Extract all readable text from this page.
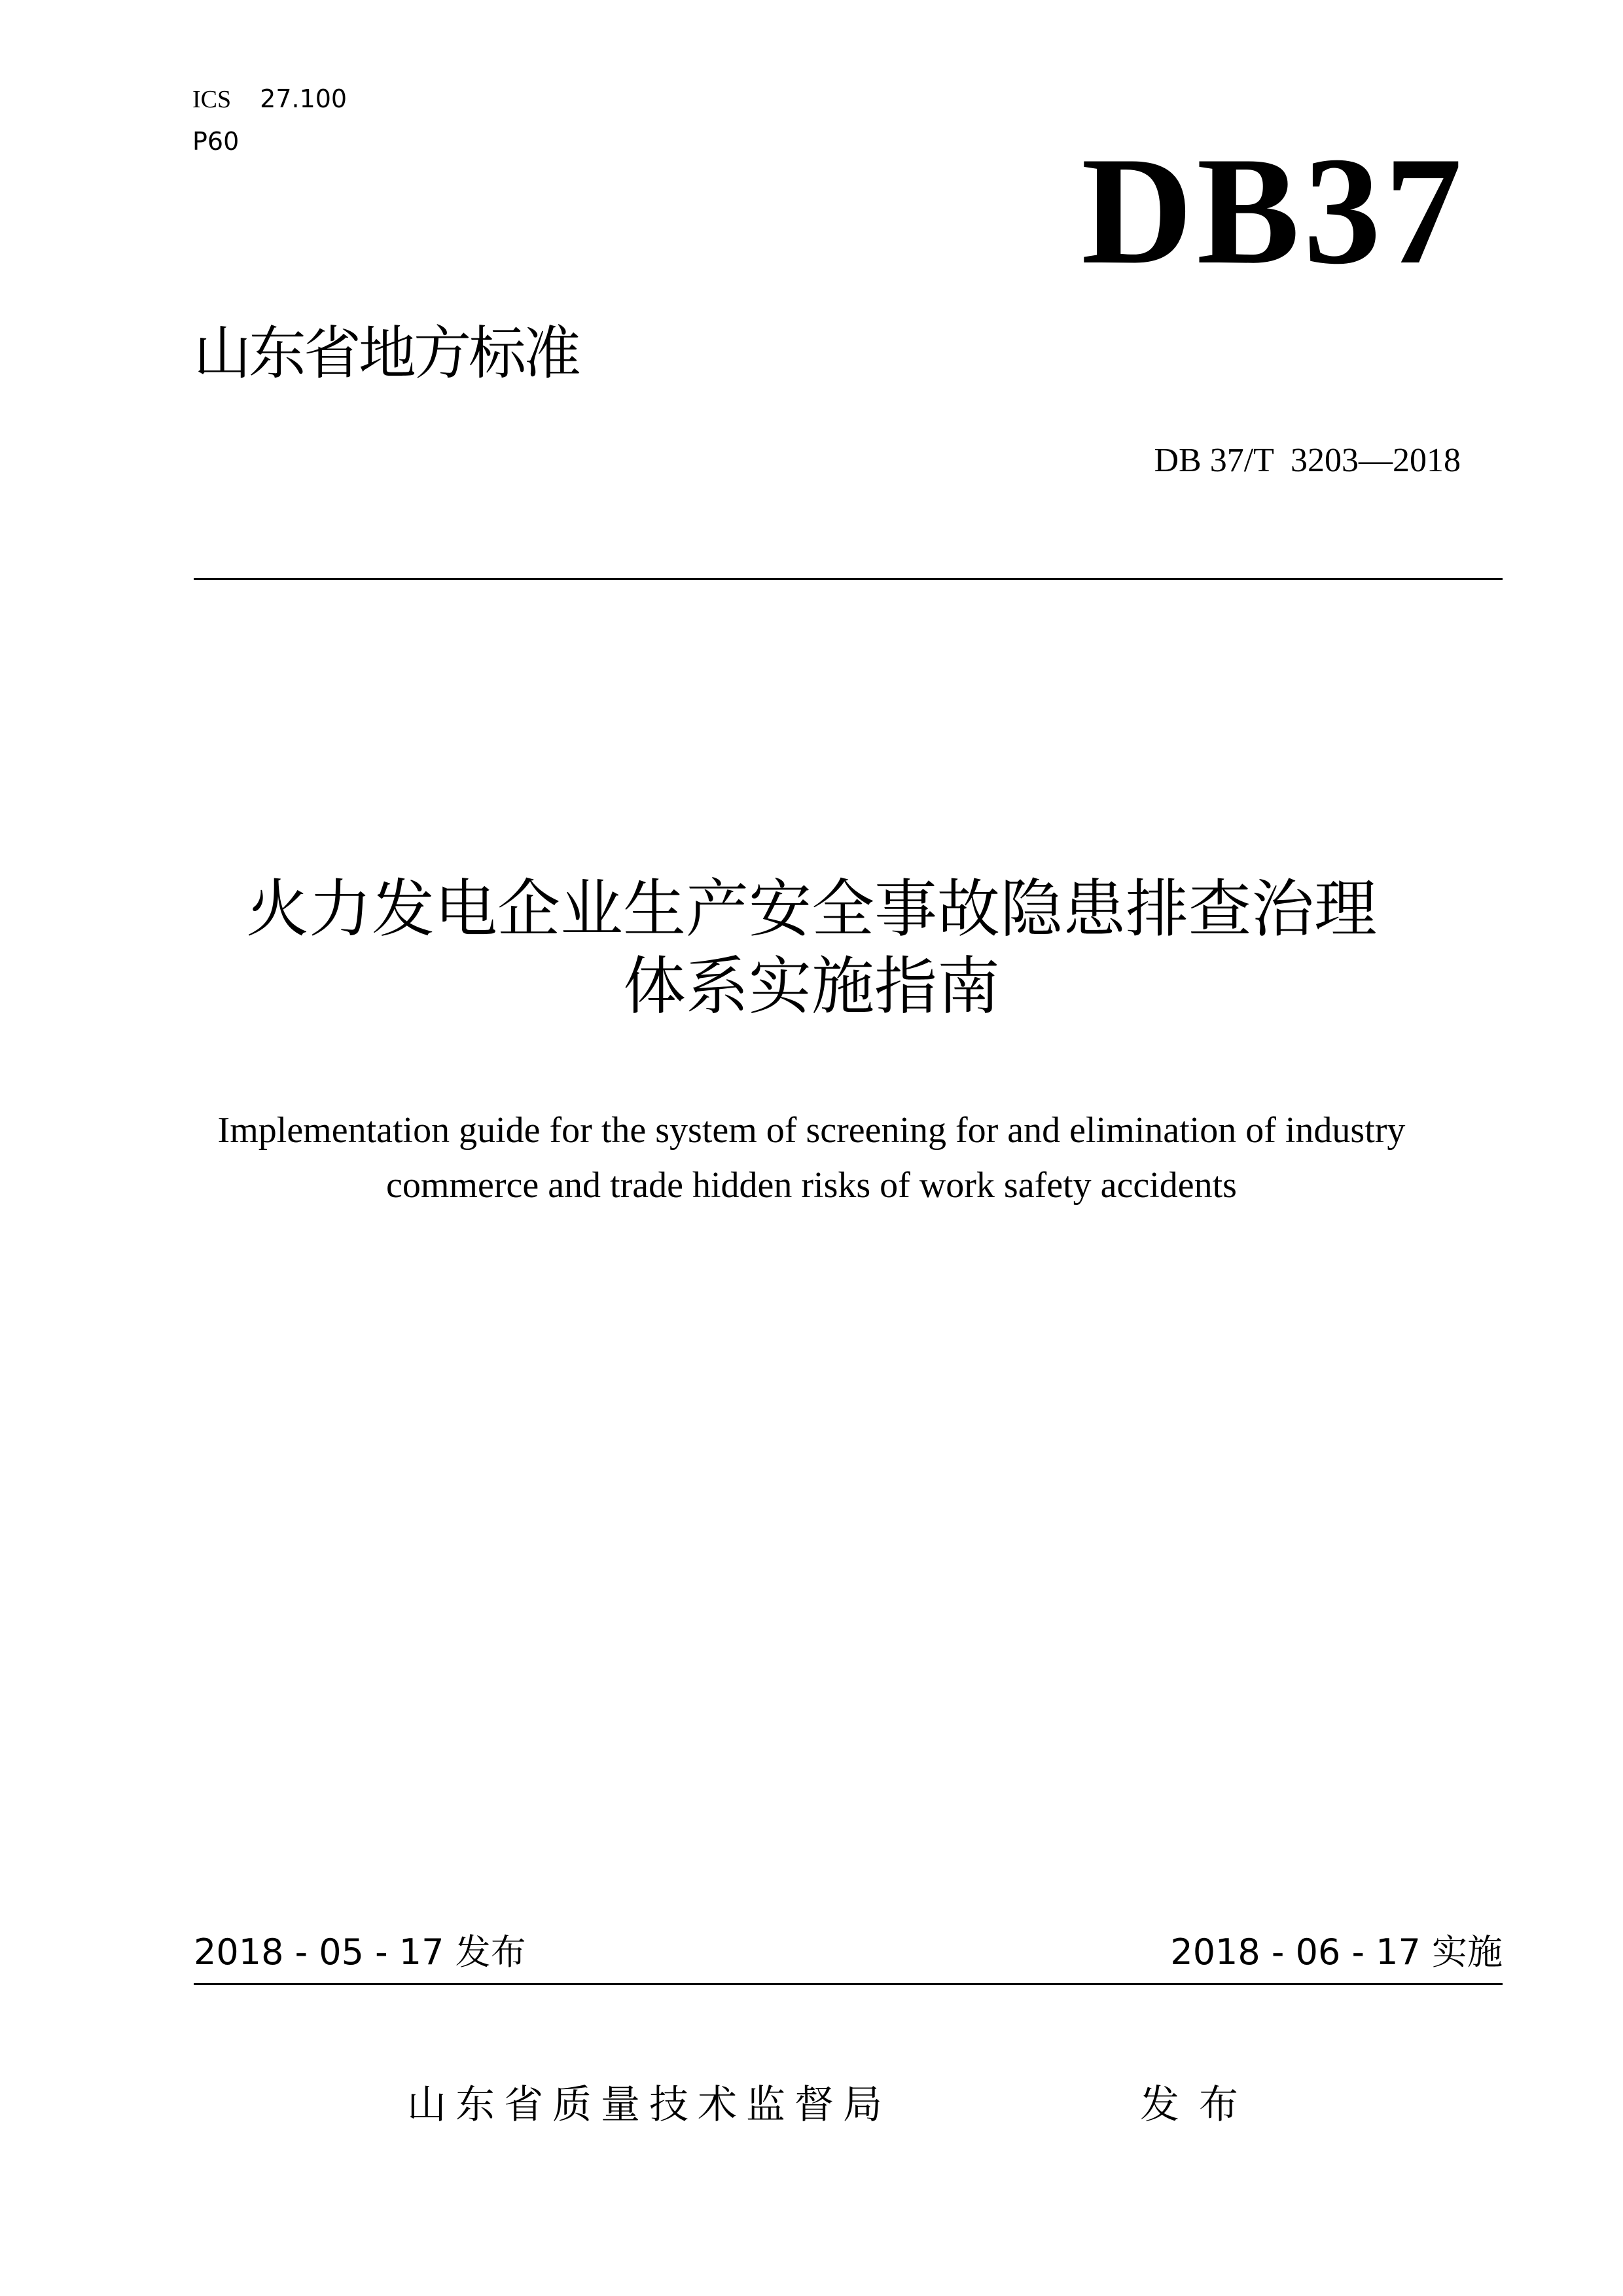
ICS 27.100
P60	DB37
山东省地方标准
DB 37/T  3203—2018
火力发电企业生产安全事故隐患排查治理
体系实施指南
Implementation guide for the system of screening for and elimination of industry
commerce and trade hidden risks of work safety accidents
2018 - 05 - 17 发布	2018 - 06 - 17 实施
山东省质量技术监督局	发布
